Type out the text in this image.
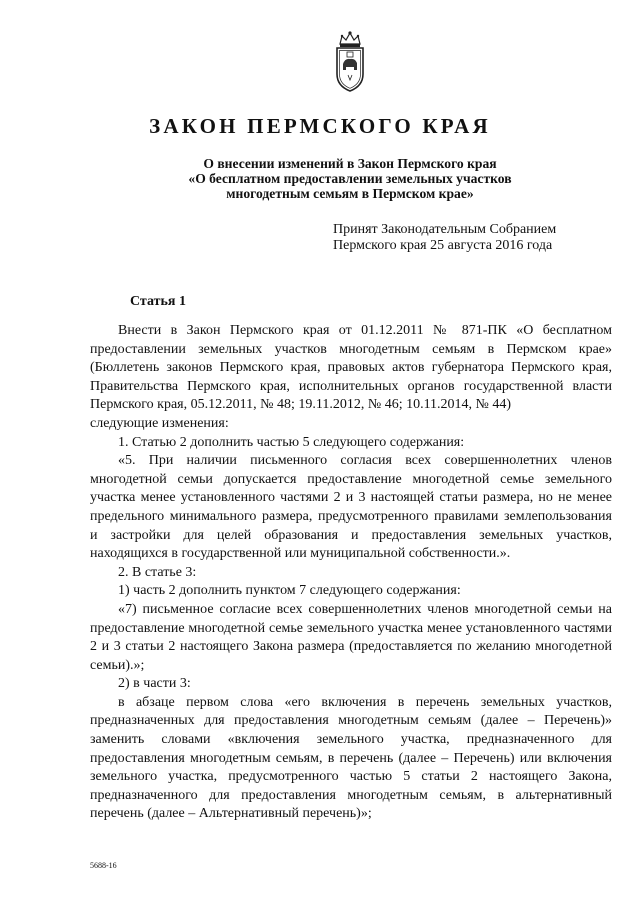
ЗАКОН ПЕРМСКОГО КРАЯ
О внесении изменений в Закон Пермского края
«О бесплатном предоставлении земельных участков
многодетным семьям в Пермском крае»
Принят Законодательным Собранием
Пермского края 25 августа 2016 года
Статья 1

Внести в Закон Пермского края от 01.12.2011 № 871-ПК «О бесплатном предоставлении земельных участков многодетным семьям в Пермском крае» (Бюллетень законов Пермского края, правовых актов губернатора Пермского края, Правительства Пермского края, исполнительных органов государственной власти Пермского края, 05.12.2011, № 48; 19.11.2012, № 46; 10.11.2014, № 44)

следующие изменения:

1. Статью 2 дополнить частью 5 следующего содержания:

«5. При наличии письменного согласия всех совершеннолетних членов многодетной семьи допускается предоставление многодетной семье земельного участка менее установленного частями 2 и 3 настоящей статьи размера, но не менее предельного минимального размера, предусмотренного правилами землепользования и застройки для целей образования и предоставления земельных участков, находящихся в государственной или муниципальной собственности.».

2. В статье 3:

1) часть 2 дополнить пунктом 7 следующего содержания:

«7) письменное согласие всех совершеннолетних членов многодетной семьи на предоставление многодетной семье земельного участка менее установленного частями 2 и 3 статьи 2 настоящего Закона размера (предоставляется по желанию многодетной семьи).»;

2) в части 3:

в абзаце первом слова «его включения в перечень земельных участков, предназначенных для предоставления многодетным семьям (далее – Перечень)» заменить словами «включения земельного участка, предназначенного для предоставления многодетным семьям, в перечень (далее – Перечень) или включения земельного участка, предусмотренного частью 5 статьи 2 настоящего Закона, предназначенного для предоставления многодетным семьям, в альтернативный перечень (далее – Альтернативный перечень)»;

5688-16
